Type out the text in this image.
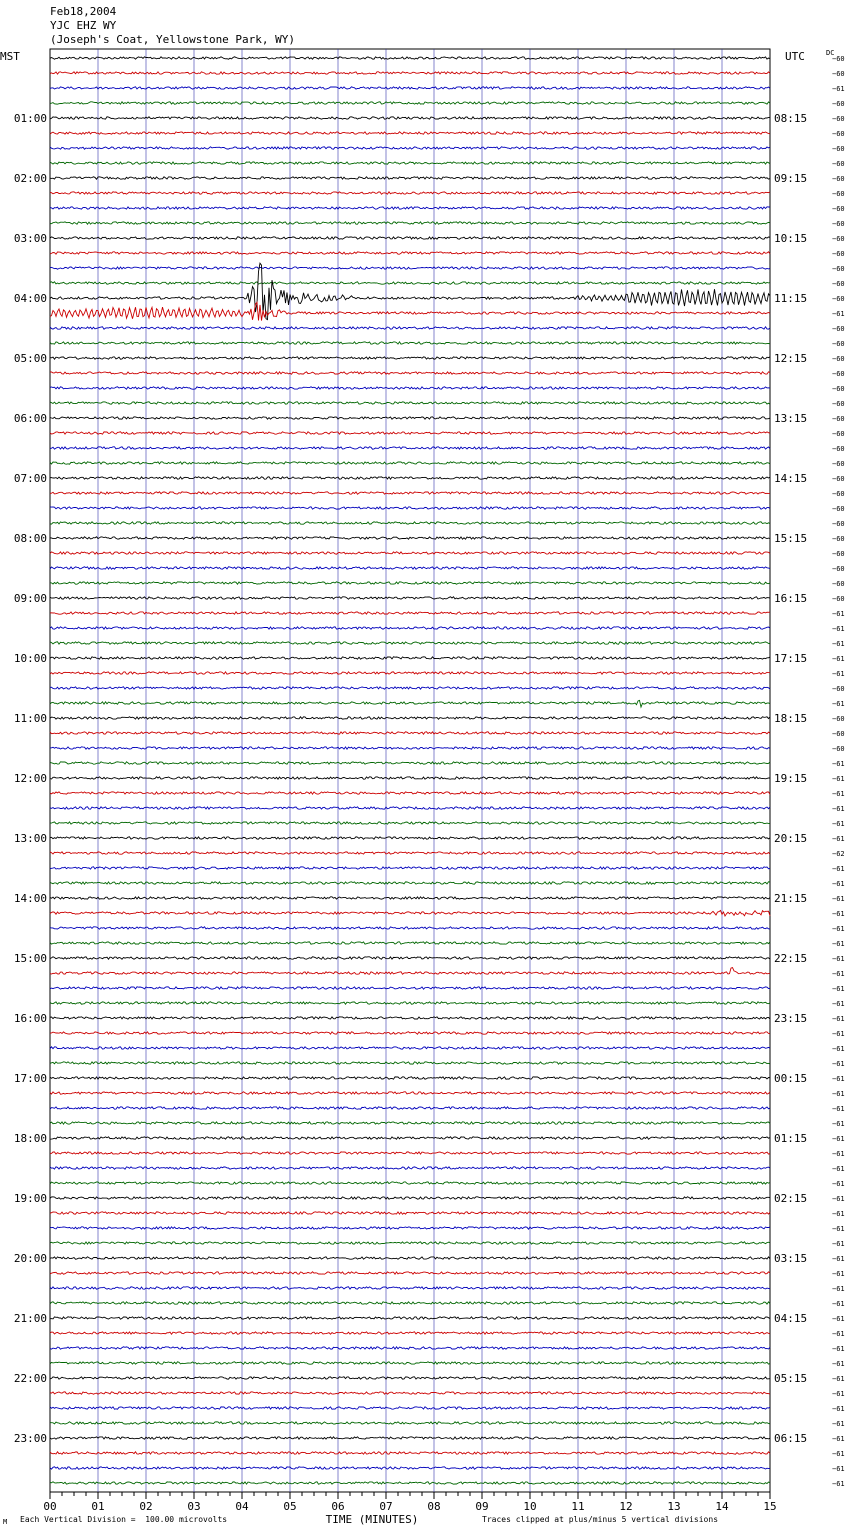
Feb18,2004
YJC EHZ WY
(Joseph's Coat, Yellowstone Park, WY)
MST	UTC	DC
−60
−60
−61
−60
−60
−60
−60
−60
−60
−60
−60
−60
−60
−60
−60
−60
−60
−61
−60
−60
−60
−60
−60
−60
−60
−60
−60
−60
−60
−60
−60
−60
−60
−60
−60
−60
−60
−61
−61
−61
−61
−61
−60
−61
−60
−60
−60
−61
−61
−61
−61
−61
−61
−62
−61
−61
−61
−61
−61
−61
−61
−61
−61
−61
−61
−61
−61
−61
−61
−61
−61
−61
−61
−61
−61
−61
−61
−61
−61
−61
−61
−61
−61
−61
−61
−61
−61
−61
−61
−61
−61
−61
−61
−61
−61
−61
01:00
02:00
03:00
04:00
05:00
06:00
07:00
08:00
09:00
10:00
11:00
12:00
13:00
14:00
15:00
16:00
17:00
18:00
19:00
20:00
21:00
22:00
23:00
08:15
09:15
10:15
11:15
12:15
13:15
14:15
15:15
16:15
17:15
18:15
19:15
20:15
21:15
22:15
23:15
00:15
01:15
02:15
03:15
04:15
05:15
06:15
00	01	02	03	04	05	06	07	08	09	10	11	12	13	14	15
TIME (MINUTES)
M Each Vertical Division =  100.00 microvolts	Traces clipped at plus/minus 5 vertical divisions
